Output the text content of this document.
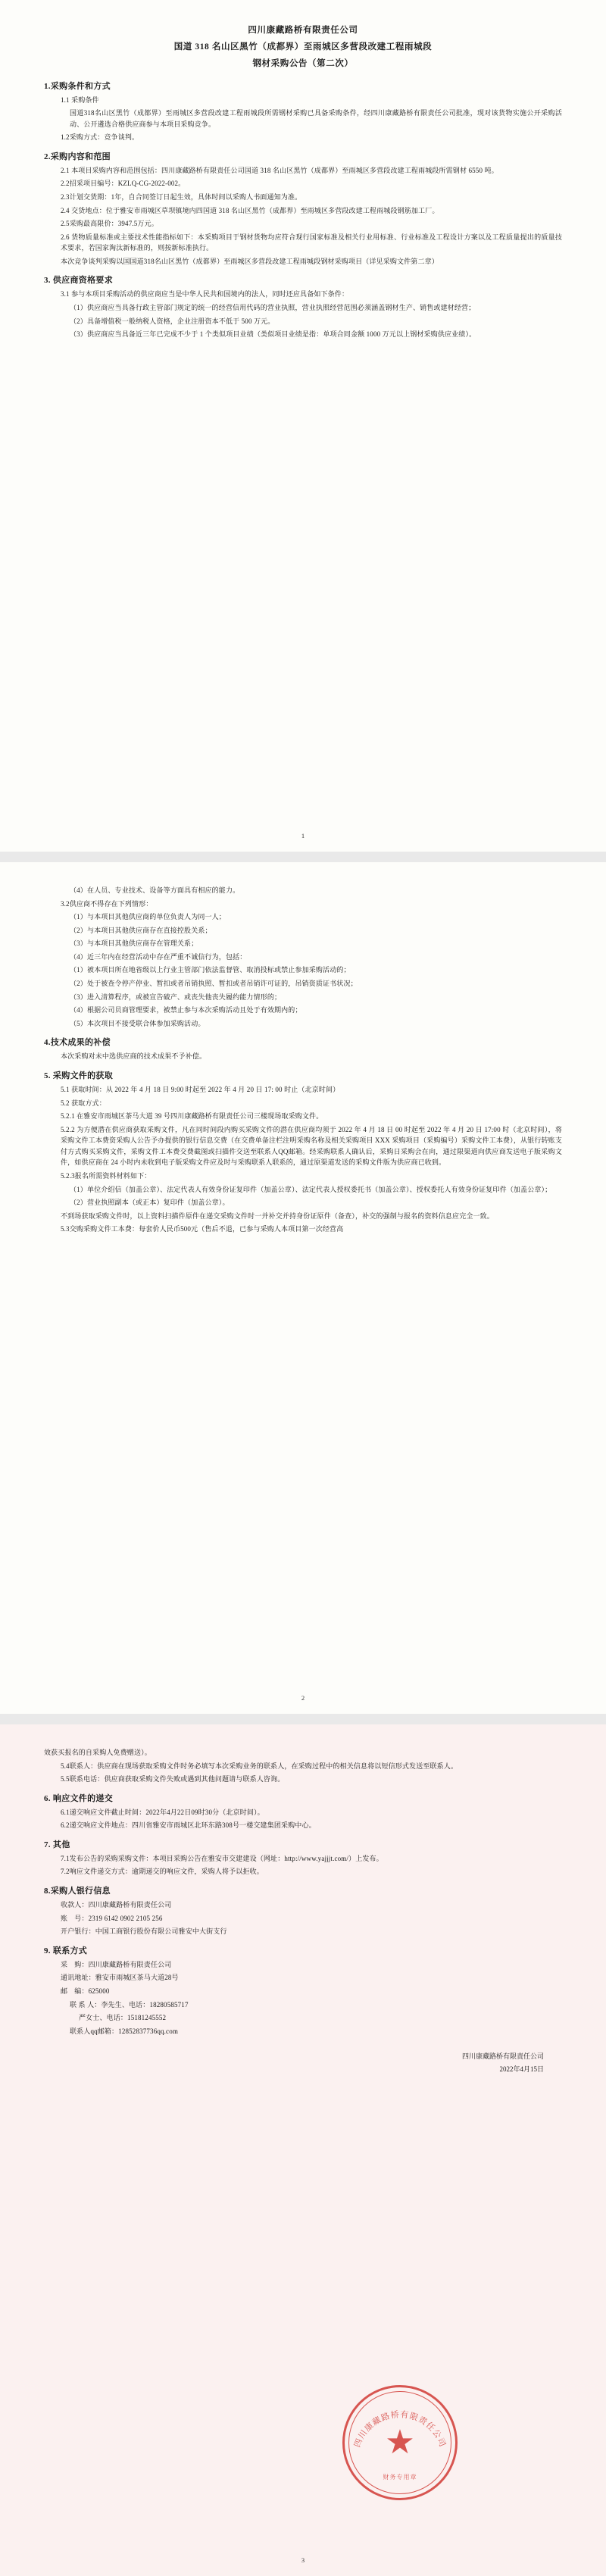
四川康藏路桥有限责任公司
国道 318 名山区黑竹（成都界）至雨城区多营段改建工程雨城段
钢材采购公告（第二次）
1.采购条件和方式

1.1 采购条件

国道318名山区黑竹（成都界）至雨城区多营段改建工程雨城段所需钢材采购已具备采购条件，经四川康藏路桥有限责任公司批准，现对该货物实施公开采购活动、公开遴选合格供应商参与本项目采购竞争。

1.2采购方式：竞争谈判。

2.采购内容和范围

2.1 本项目采购内容和范围包括：四川康藏路桥有限责任公司国道 318 名山区黑竹（成都界）至雨城区多营段改建工程雨城段所需钢材 6550 吨。

2.2招采项目编号：KZLQ-CG-2022-002。

2.3计划交货期：1年，自合同签订日起生效，具体时间以采购人书面通知为准。

2.4 交货地点：位于雅安市雨城区草坝镇境内四国道 318 名山区黑竹（成都界）至雨城区多营段改建工程雨城段钢筋加工厂。

2.5采购最高限价：3947.5万元。

2.6 货物质量标准或主要技术性能指标如下：本采购项目于钢材货物均应符合现行国家标准及相关行业用标准、行业标准及工程设计方案以及工程质量提出的质量技术要求，若国家淘汰新标准的，则按新标准执行。

本次竞争谈判采购以国国道318名山区黑竹（成都界）至雨城区多营段改建工程雨城段钢材采购项目（详见采购文件第二章）

3. 供应商资格要求

3.1 参与本项目采购活动的供应商应当是中华人民共和国境内的法人，同时还应具备如下条件：

（1）供应商应当具备行政主管部门规定的统一的经营信用代码的营业执照，营业执照经营范围必须涵盖钢材生产、销售或建材经营；

（2）具备增值税一般纳税人资格，企业注册资本不低于 500 万元。

（3）供应商应当具备近三年已完成不少于 1 个类似项目业绩（类似项目业绩是指：单项合同金额 1000 万元以上钢材采购供应业绩）。

1

（4）在人员、专业技术、设备等方面具有相应的能力。

3.2供应商不得存在下列情形：

（1）与本项目其他供应商的单位负责人为同一人；

（2）与本项目其他供应商存在直接控股关系；

（3）与本项目其他供应商存在管理关系；

（4）近三年内在经营活动中存在严重不诚信行为，包括：

（1）被本项目所在地省级以上行业主管部门依法监督管、取消投标或禁止参加采购活动的；

（2）处于被查令停产停业、暂扣或者吊销执照、暂扣或者吊销许可证的，吊销资质证书状况；

（3）进入清算程序，或被宣告破产、或丧失他丧失履约能力情形的；

（4）根据公司员商管理要求，被禁止参与本次采购活动且处于有效期内的；

（5）本次项目不接受联合体参加采购活动。

4.技术成果的补偿

本次采购对未中选供应商的技术成果不予补偿。

5. 采购文件的获取

5.1 获取时间：从 2022 年 4 月 18 日 9:00 时起至 2022 年 4 月 20 日 17: 00 时止（北京时间）

5.2 获取方式：

5.2.1 在雅安市雨城区茶马大道 39 号四川康藏路桥有限责任公司三楼现场取采购文件。

5.2.2 为方便潜在供应商获取采购文件，凡在同时间段内购买采购文件的潜在供应商均须于 2022 年 4 月 18 日 00 时起至 2022 年 4 月 20 日 17:00 时（北京时间），将采购文件工本费资采购人公告予办提供的银行信息交费（在交费单备注栏注明采购名称及相关采购项目 XXX 采购项目（采购编号）采购文件工本费），从银行转账支付方式购买采购文件，采购文件工本费交费截图或扫描件交送至联系人QQ邮箱。经采购联系人确认后，采购日采购会在向，通过限渠道向供应商发送电子版采购文件，如供应商在 24 小时内未收到电子版采购文件应及时与采购联系人联系的，通过原渠道发送的采购文件版为供应商已收到。

5.2.3报名所需资料材料如下：

（1）单位介绍信（加盖公章）、法定代表人有效身份证复印件（加盖公章）、法定代表人授权委托书（加盖公章）、授权委托人有效身份证复印件（加盖公章）；

（2）营业执照副本（或正本）复印件（加盖公章）。

不到场获取采购文件时，以上资料扫描件原件在递交采购文件时一并补交并持身份证原件（备查），补交的强制与报名的资料信息应完全一致。

5.3交购采购文件工本费：每套价人民币500元（售后不退，已参与采购人本项目第一次经营高

2

效获买报名的自采购人免费赠送）。

5.4联系人：供应商在现场获取采购文件时务必填写本次采购业务的联系人，在采购过程中的相关信息将以短信形式发送至联系人。

5.5联系电话：供应商获取采购文件失败或遇到其他问题请与联系人咨询。

6. 响应文件的递交

6.1递交响应文件截止时间：2022年4月22日09时30分（北京时间）。

6.2递交响应文件地点：四川省雅安市雨城区北环东路308号一楼交建集团采购中心。

7. 其他

7.1发布公告的采购采购文件：本项目采购公告在雅安市交建建设（网址：http://www.yajjjt.com/）上发布。

7.2响应文件递交方式：逾期递交的响应文件，采购人将予以拒收。

8.采购人银行信息

收款人：四川康藏路桥有限责任公司

账　号：2319 6142 0902 2105 256

开户银行：中国工商银行股份有限公司雅安中大街支行

9. 联系方式

采　购：四川康藏路桥有限责任公司

通讯地址：雅安市雨城区茶马大道28号

邮　编：625000

联 系 人：李先生、电话：18280585717

严女士、电话：15181245552

联系人qq邮箱：12852837736qq.com

四川康藏路桥有限责任公司
2022年4月15日
四川康藏路桥有限责任公司
★
财务专用章
3
